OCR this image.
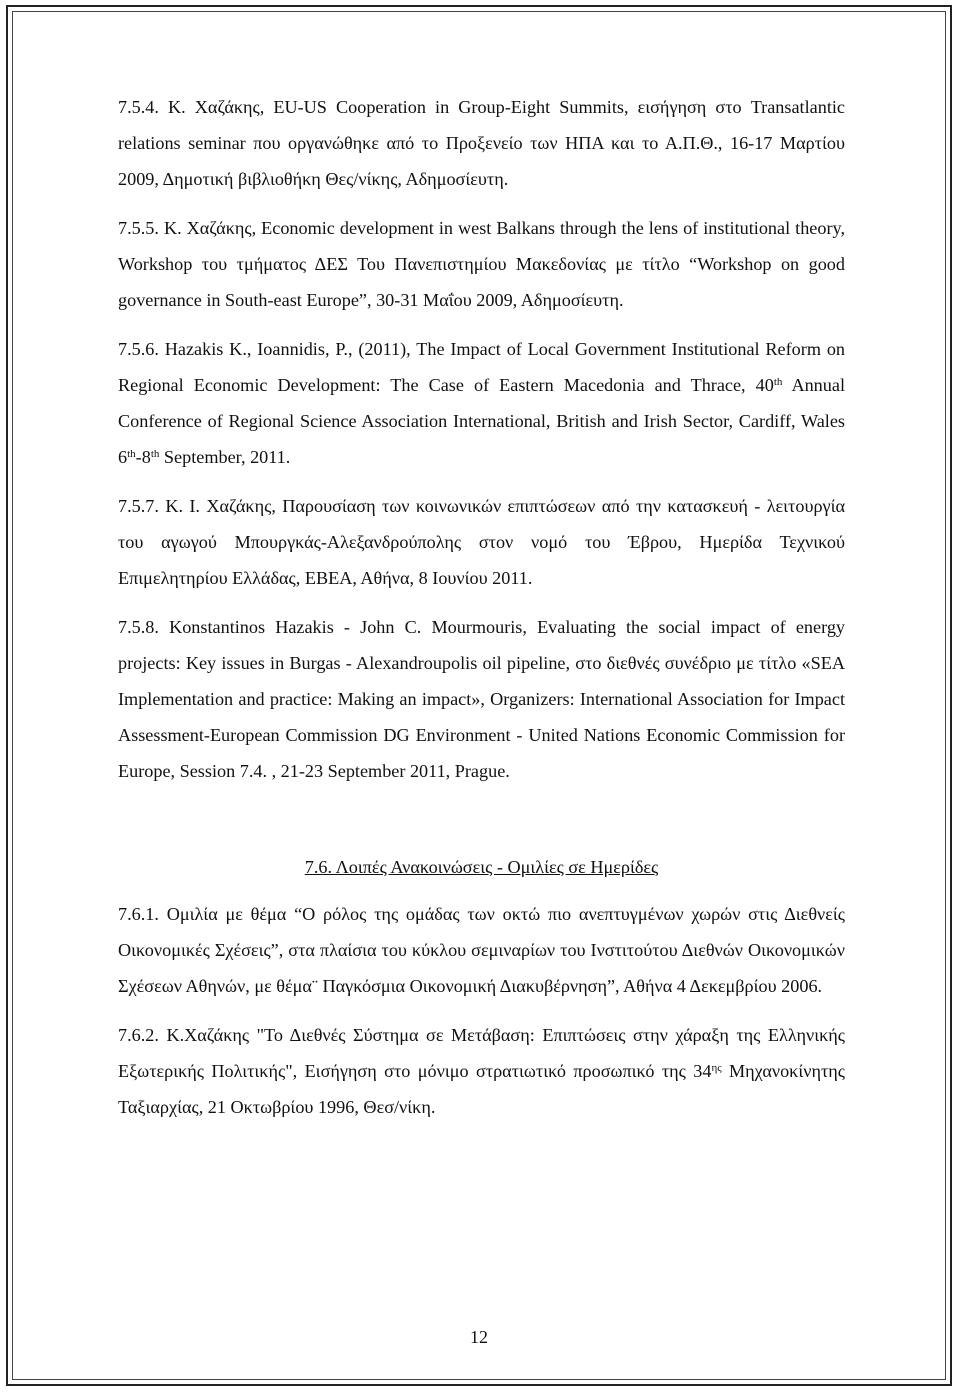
7.5.4. Κ. Χαζάκης, EU-US Cooperation in Group-Eight Summits, εισήγηση στο Transatlantic relations seminar που οργανώθηκε από το Προξενείο των ΗΠΑ και το Α.Π.Θ., 16-17 Μαρτίου 2009, Δημοτική βιβλιοθήκη Θες/νίκης, Αδημοσίευτη.

7.5.5. Κ. Χαζάκης, Economic development in west Balkans through the lens of institutional theory, Workshop του τμήματος ΔΕΣ Του Πανεπιστημίου Μακεδονίας με τίτλο “Workshop on good governance in South-east Europe”, 30-31 Μαΐου 2009, Αδημοσίευτη.

7.5.6. Hazakis K., Ioannidis, P., (2011), The Impact of Local Government Institutional Reform on Regional Economic Development: The Case of Eastern Macedonia and Thrace, 40th Annual Conference of Regional Science Association International, British and Irish Sector, Cardiff, Wales 6th-8th September, 2011.

7.5.7. Κ. Ι. Χαζάκης, Παρουσίαση των κοινωνικών επιπτώσεων από την κατασκευή - λειτουργία του αγωγού Μπουργκάς-Αλεξανδρούπολης στον νομό του Έβρου, Ημερίδα Τεχνικού Επιμελητηρίου Ελλάδας, ΕΒΕΑ, Αθήνα, 8 Ιουνίου 2011.

7.5.8. Konstantinos Hazakis - John C. Mourmouris, Evaluating the social impact of energy projects: Key issues in Burgas - Alexandroupolis oil pipeline, στο διεθνές συνέδριο με τίτλο «SEA Implementation and practice: Making an impact», Organizers: International Association for Impact Assessment-European Commission DG Environment - United Nations Economic Commission for Europe, Session 7.4. , 21-23 September 2011, Prague.

7.6. Λοιπές Ανακοινώσεις - Ομιλίες σε Ημερίδες

7.6.1. Ομιλία με θέμα “Ο ρόλος της ομάδας των οκτώ πιο ανεπτυγμένων χωρών στις Διεθνείς Οικονομικές Σχέσεις”, στα πλαίσια του κύκλου σεμιναρίων του Ινστιτούτου Διεθνών Οικονομικών Σχέσεων Αθηνών, με θέμα¨ Παγκόσμια Οικονομική Διακυβέρνηση”, Αθήνα 4 Δεκεμβρίου 2006.

7.6.2. Κ.Χαζάκης "Το Διεθνές Σύστημα σε Μετάβαση: Επιπτώσεις στην χάραξη της Ελληνικής Εξωτερικής Πολιτικής", Εισήγηση στο μόνιμο στρατιωτικό προσωπικό της $34^{\eta\varsigma}$ Μηχανοκίνητης Ταξιαρχίας, 21 Οκτωβρίου 1996, Θεσ/νίκη.

12
